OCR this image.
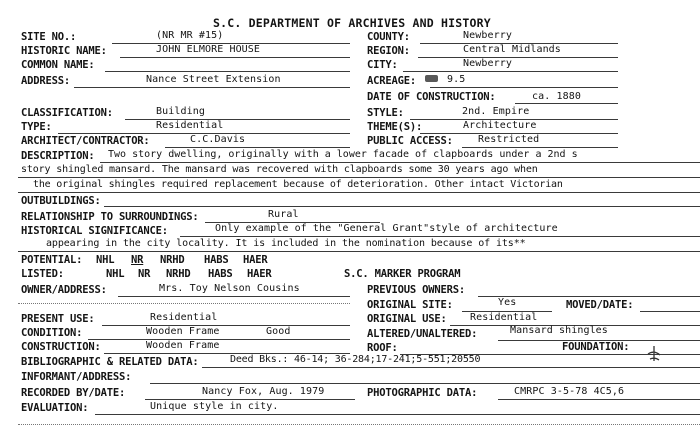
S.C. DEPARTMENT OF ARCHIVES AND HISTORY
SITE NO.:	(NR MR #15)	COUNTY:	Newberry
HISTORIC NAME:	JOHN ELMORE HOUSE	REGION:	Central Midlands
COMMON NAME:	CITY:	Newberry
ADDRESS:	Nance Street Extension	ACREAGE:	9.5
DATE OF CONSTRUCTION:	ca. 1880
CLASSIFICATION:	Building	STYLE:	2nd. Empire
TYPE:	Residential	THEME(S):	Architecture
ARCHITECT/CONTRACTOR:	C.C.Davis	PUBLIC ACCESS:	Restricted
DESCRIPTION: Two story dwelling, originally with a lower facade of clapboards under a 2nd s
story shingled mansard. The mansard was recovered with clapboards some 30 years ago when
the original shingles required replacement because of deterioration. Other intact Victorian
OUTBUILDINGS:
RELATIONSHIP TO SURROUNDINGS:	Rural
HISTORICAL SIGNIFICANCE:	Only example of the "General Grant"style of architecture
appearing in the city locality. It is included in the nomination because of its**
POTENTIAL: NHL NR NRHD HABS HAER
LISTED:	NHL NR NRHD HABS HAER	S.C. MARKER PROGRAM
OWNER/ADDRESS:	Mrs. Toy Nelson Cousins	PREVIOUS OWNERS:
ORIGINAL SITE:	Yes	MOVED/DATE:
PRESENT USE:	Residential	ORIGINAL USE: Residential
CONDITION:	Wooden Frame	Good	ALTERED/UNALTERED:	Mansard shingles
CONSTRUCTION:	Wooden Frame	ROOF:	FOUNDATION:
BIBLIOGRAPHIC & RELATED DATA:	Deed Bks.: 46-14; 36-284;17-241;5-551;20550
INFORMANT/ADDRESS:
RECORDED BY/DATE:	Nancy Fox, Aug. 1979	PHOTOGRAPHIC DATA:	CMRPC 3-5-78 4C5,6
EVALUATION:	Unique style in city.
